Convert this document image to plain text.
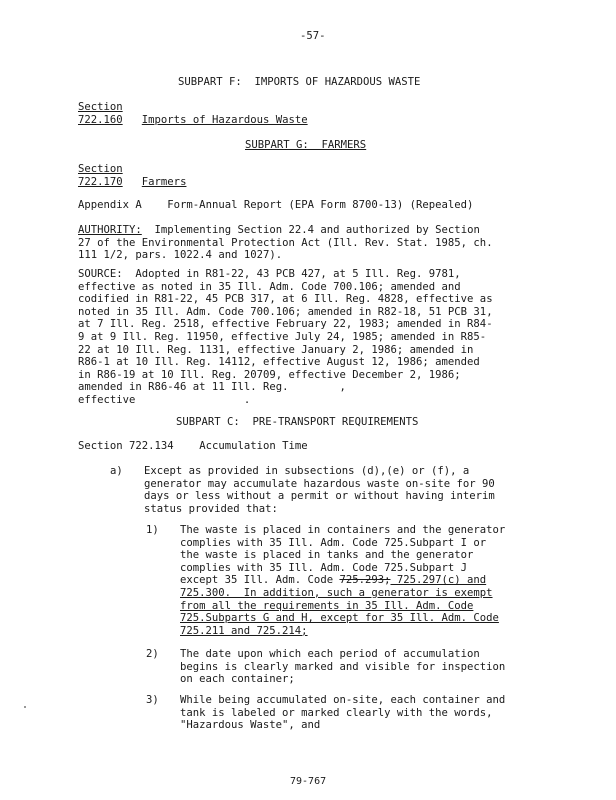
-57-
SUBPART F:  IMPORTS OF HAZARDOUS WASTE
Section
722.160 Imports of Hazardous Waste
SUBPART G:  FARMERS
Section
722.170 Farmers
Appendix A Form-Annual Report (EPA Form 8700-13) (Repealed)
AUTHORITY: Implementing Section 22.4 and authorized by Section
27 of the Environmental Protection Act (Ill. Rev. Stat. 1985, ch.
111 1/2, pars. 1022.4 and 1027).
SOURCE:  Adopted in R81-22, 43 PCB 427, at 5 Ill. Reg. 9781,
effective as noted in 35 Ill. Adm. Code 700.106; amended and
codified in R81-22, 45 PCB 317, at 6 Ill. Reg. 4828, effective as
noted in 35 Ill. Adm. Code 700.106; amended in R82-18, 51 PCB 31,
at 7 Ill. Reg. 2518, effective February 22, 1983; amended in R84-
9 at 9 Ill. Reg. 11950, effective July 24, 1985; amended in R85-
22 at 10 Ill. Reg. 1131, effective January 2, 1986; amended in
R86-1 at 10 Ill. Reg. 14112, effective August 12, 1986; amended
in R86-19 at 10 Ill. Reg. 20709, effective December 2, 1986;
amended in R86-46 at 11 Ill. Reg.        ,
effective                 .
SUBPART C:  PRE-TRANSPORT REQUIREMENTS
Section 722.134 Accumulation Time
a) Except as provided in subsections (d),(e) or (f), a
generator may accumulate hazardous waste on-site for 90
days or less without a permit or without having interim
status provided that:
1) The waste is placed in containers and the generator
complies with 35 Ill. Adm. Code 725.Subpart I or
the waste is placed in tanks and the generator
complies with 35 Ill. Adm. Code 725.Subpart J
except 35 Ill. Adm. Code 725.293; 725.297(c) and
725.300.  In addition, such a generator is exempt
from all the requirements in 35 Ill. Adm. Code
725.Subparts G and H, except for 35 Ill. Adm. Code
725.211 and 725.214;
2) The date upon which each period of accumulation
begins is clearly marked and visible for inspection
on each container;
3) While being accumulated on-site, each container and
tank is labeled or marked clearly with the words,
"Hazardous Waste", and
79-767
